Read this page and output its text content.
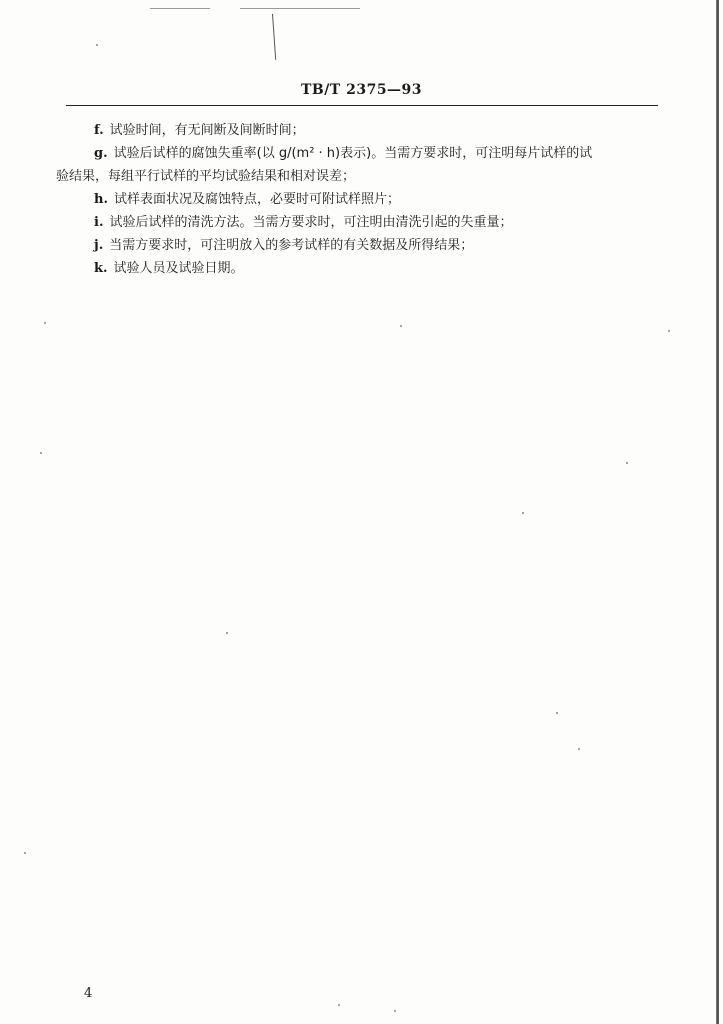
TB/T 2375—93
f. 试验时间，有无间断及间断时间；
g. 试验后试样的腐蚀失重率(以 g/(m² · h)表示)。当需方要求时，可注明每片试样的试
验结果，每组平行试样的平均试验结果和相对误差；
h. 试样表面状况及腐蚀特点，必要时可附试样照片；
i. 试验后试样的清洗方法。当需方要求时，可注明由清洗引起的失重量；
j. 当需方要求时，可注明放入的参考试样的有关数据及所得结果；
k. 试验人员及试验日期。
4
